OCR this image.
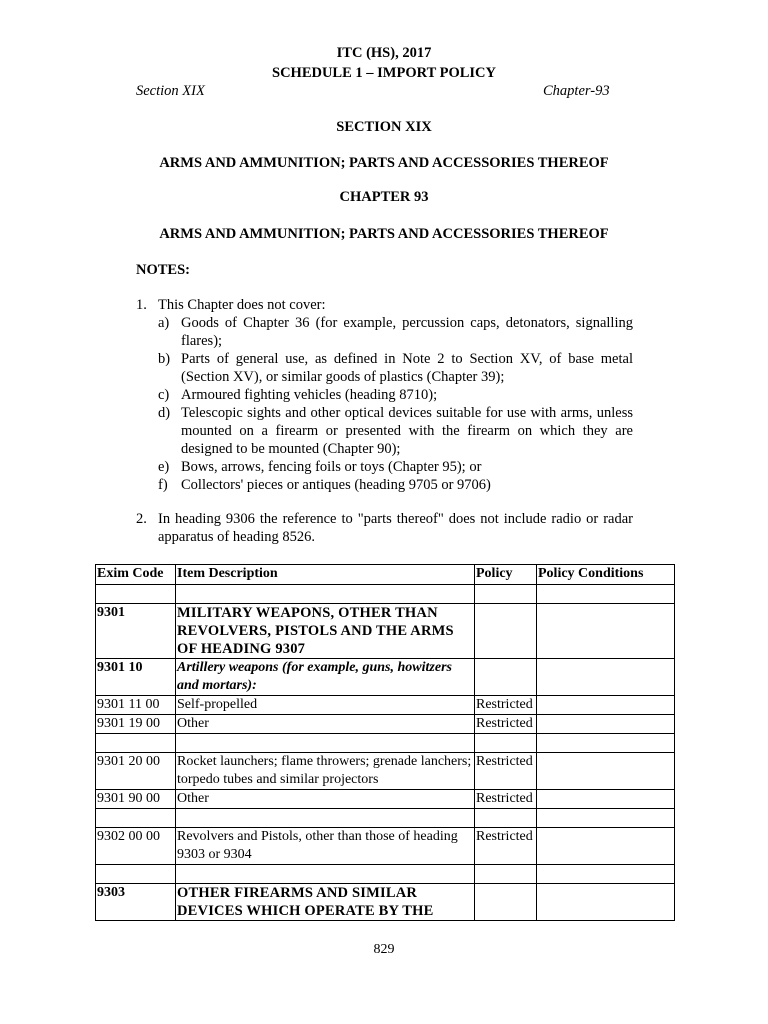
ITC (HS), 2017
SCHEDULE 1 – IMPORT POLICY
Section XIX	Chapter-93
SECTION XIX
ARMS AND AMMUNITION; PARTS AND ACCESSORIES THEREOF
CHAPTER 93
ARMS AND AMMUNITION; PARTS AND ACCESSORIES THEREOF
NOTES:
1. This Chapter does not cover:
a) Goods of Chapter 36 (for example, percussion caps, detonators, signalling flares);
b) Parts of general use, as defined in Note 2 to Section XV, of base metal (Section XV), or similar goods of plastics (Chapter 39);
c) Armoured fighting vehicles (heading 8710);
d) Telescopic sights and other optical devices suitable for use with arms, unless mounted on a firearm or presented with the firearm on which they are designed to be mounted (Chapter 90);
e) Bows, arrows, fencing foils or toys (Chapter 95); or
f) Collectors' pieces or antiques (heading 9705 or 9706)
2. In heading 9306 the reference to "parts thereof" does not include radio or radar apparatus of heading 8526.
Exim Code	Item Description	Policy	Policy Conditions

9301	MILITARY WEAPONS, OTHER THAN REVOLVERS, PISTOLS AND THE ARMS OF HEADING 9307		
9301 10	Artillery weapons (for example, guns, howitzers and mortars):		
9301 11 00	Self-propelled	Restricted	
9301 19 00	Other	Restricted	

9301 20 00	Rocket launchers; flame throwers; grenade lanchers; torpedo tubes and similar projectors	Restricted	
9301 90 00	Other	Restricted	

9302 00 00	Revolvers and Pistols, other than those of heading 9303 or 9304	Restricted	

9303	OTHER FIREARMS AND SIMILAR DEVICES WHICH OPERATE BY THE		
829
